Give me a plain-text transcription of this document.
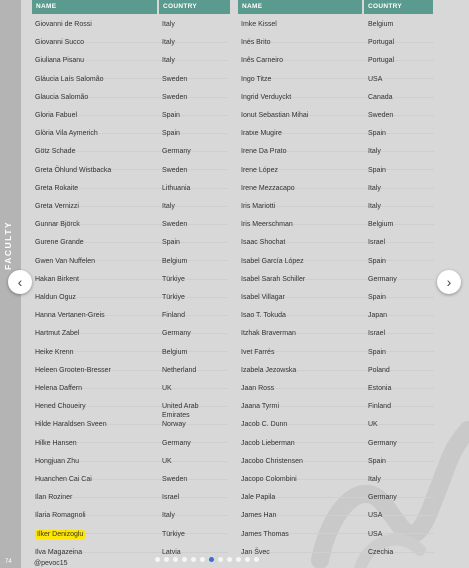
FACULTY
74
NAME	COUNTRY	NAME	COUNTRY
Giovanni de Rossi	Italy
Giovanni Succo	Italy
Giuliana Pisanu	Italy
Gláucia Laís Salomão	Sweden
Glaucia Salomão	Sweden
Gloria Fabuel	Spain
Glòria Vila Aymerich	Spain
Götz Schade	Germany
Greta Öhlund Wistbacka	Sweden
Greta Rokaite	Lithuania
Greta Vernizzi	Italy
Gunnar Björck	Sweden
Gurene Grande	Spain
Gwen Van Nuffelen	Belgium
Hakan Birkent	Türkiye
Haldun Oguz	Türkiye
Hanna Vertanen-Greis	Finland
Hartmut Zabel	Germany
Heike Krenn	Belgium
Heleen Grooten-Bresser	Netherland
Helena Daffern	UK
Hened Choueiry	United Arab Emirates
Hilde Haraldsen Sveen	Norway
Hilke Hansen	Germany
Hongjuan Zhu	UK
Huanchen Cai Cai	Sweden
Ilan Roziner	Israel
Ilaria Romagnoli	Italy
Ilker Denizoglu	Türkiye
Ilva Magazeina	Latvia
Imke Kissel	Belgium
Inés Brito	Portugal
Inês Carneiro	Portugal
Ingo Titze	USA
Ingrid Verduyckt	Canada
Ionut Sebastian Mihai	Sweden
Iratxe Mugire	Spain
Irene Da Prato	Italy
Irene López	Spain
Irene Mezzacapo	Italy
Iris Mariotti	Italy
Iris Meerschman	Belgium
Isaac Shochat	Israel
Isabel García López	Spain
Isabel Sarah Schiller	Germany
Isabel Villagar	Spain
Isao T. Tokuda	Japan
Itzhak Braverman	Israel
Ivet Farrés	Spain
Izabela Jezowska	Poland
Jaan Ross	Estonia
Jaana Tyrmi	Finland
Jacob C. Dunn	UK
Jacob Lieberman	Germany
Jacobo Christensen	Spain
Jacopo Colombini	Italy
Jale Papila	Germany
James Han	USA
James Thomas	USA
Jan Švec	Czechia
‹	›
@pevoc15
